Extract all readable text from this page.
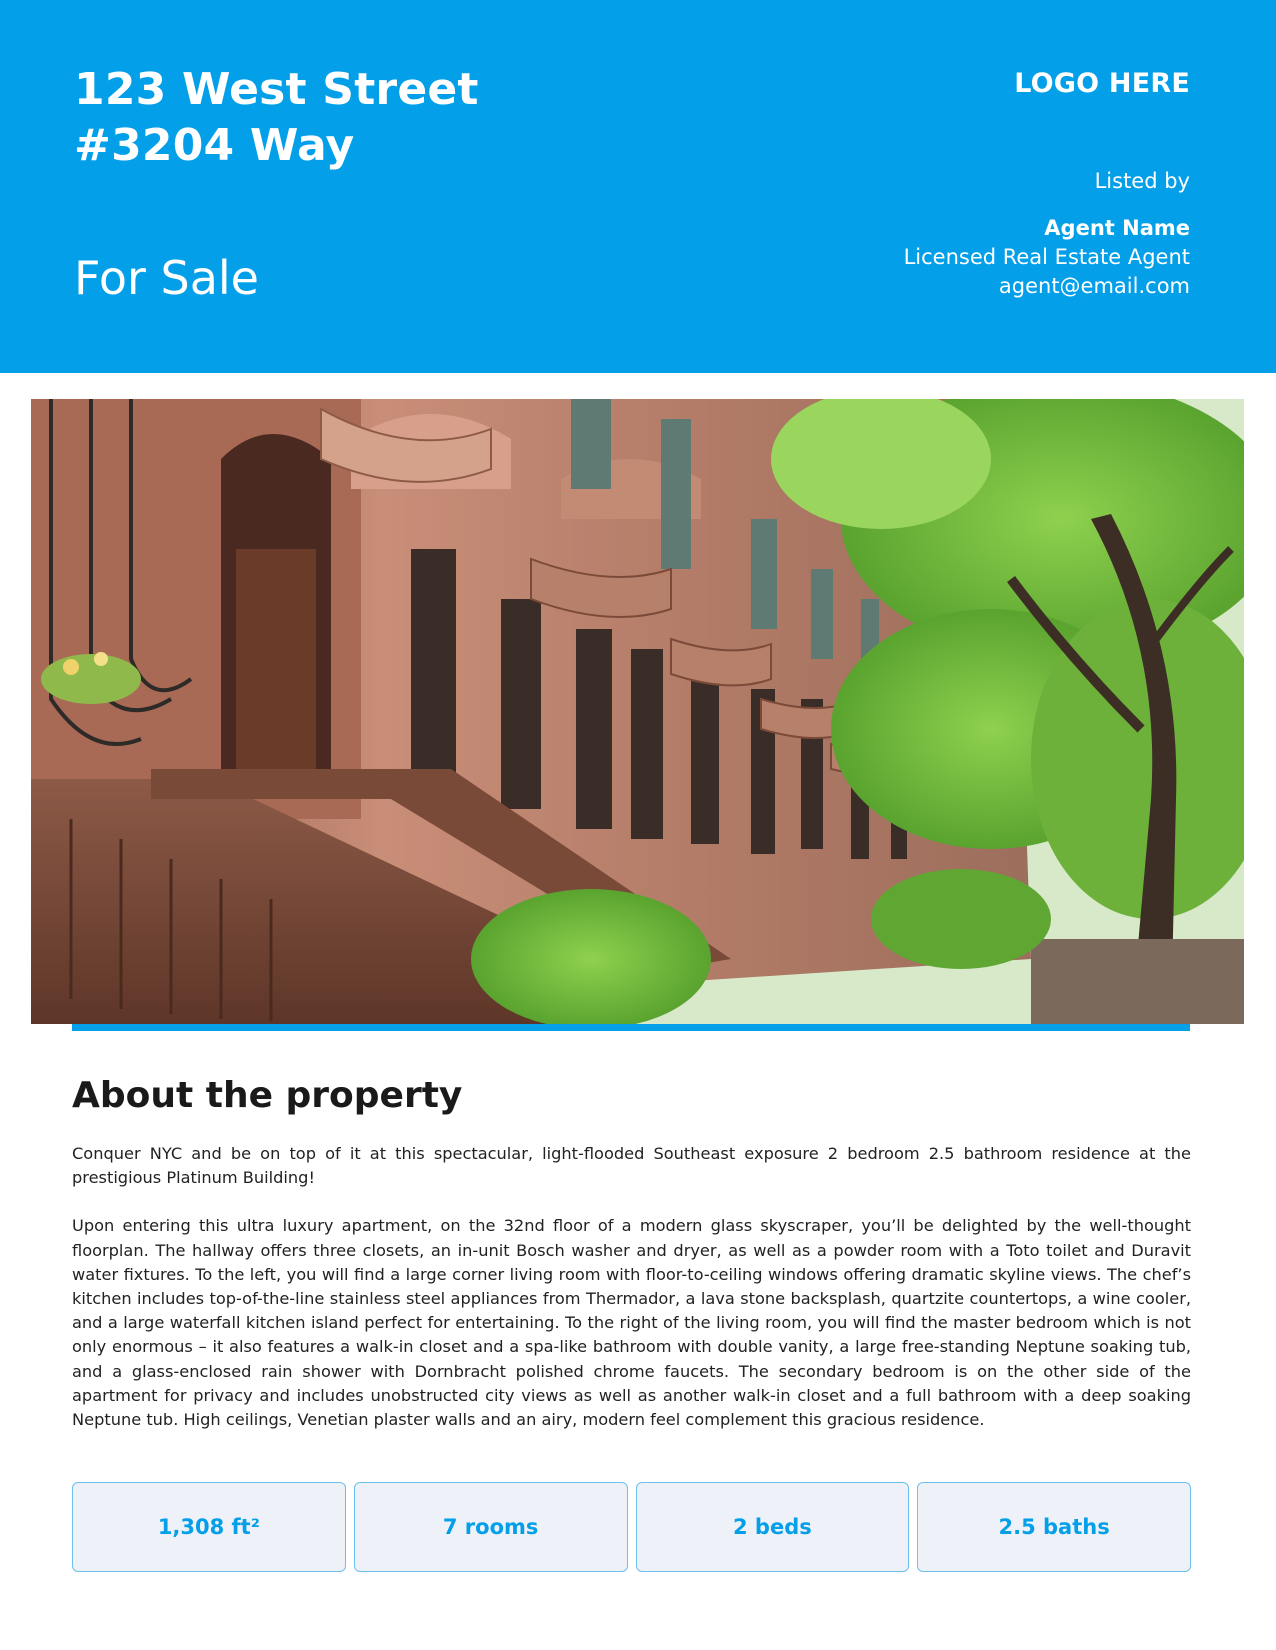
123 West Street
#3204 Way
For Sale
LOGO HERE
Listed by
Agent Name
Licensed Real Estate Agent
agent@email.com
About the property

Conquer NYC and be on top of it at this spectacular, light-flooded Southeast exposure 2 bedroom 2.5 bathroom residence at the prestigious Platinum Building!

Upon entering this ultra luxury apartment, on the 32nd floor of a modern glass skyscraper, you’ll be delighted by the well-thought floorplan. The hallway offers three closets, an in-unit Bosch washer and dryer, as well as a powder room with a Toto toilet and Duravit water fixtures. To the left, you will find a large corner living room with floor-to-ceiling windows offering dramatic skyline views. The chef’s kitchen includes top-of-the-line stainless steel appliances from Thermador, a lava stone backsplash, quartzite countertops, a wine cooler, and a large waterfall kitchen island perfect for entertaining. To the right of the living room, you will find the master bedroom which is not only enormous – it also features a walk-in closet and a spa-like bathroom with double vanity, a large free-standing Neptune soaking tub, and a glass-enclosed rain shower with Dornbracht polished chrome faucets. The secondary bedroom is on the other side of the apartment for privacy and includes unobstructed city views as well as another walk-in closet and a full bathroom with a deep soaking Neptune tub. High ceilings, Venetian plaster walls and an airy, modern feel complement this gracious residence.

1,308 ft²	7 rooms	2 beds	2.5 baths
